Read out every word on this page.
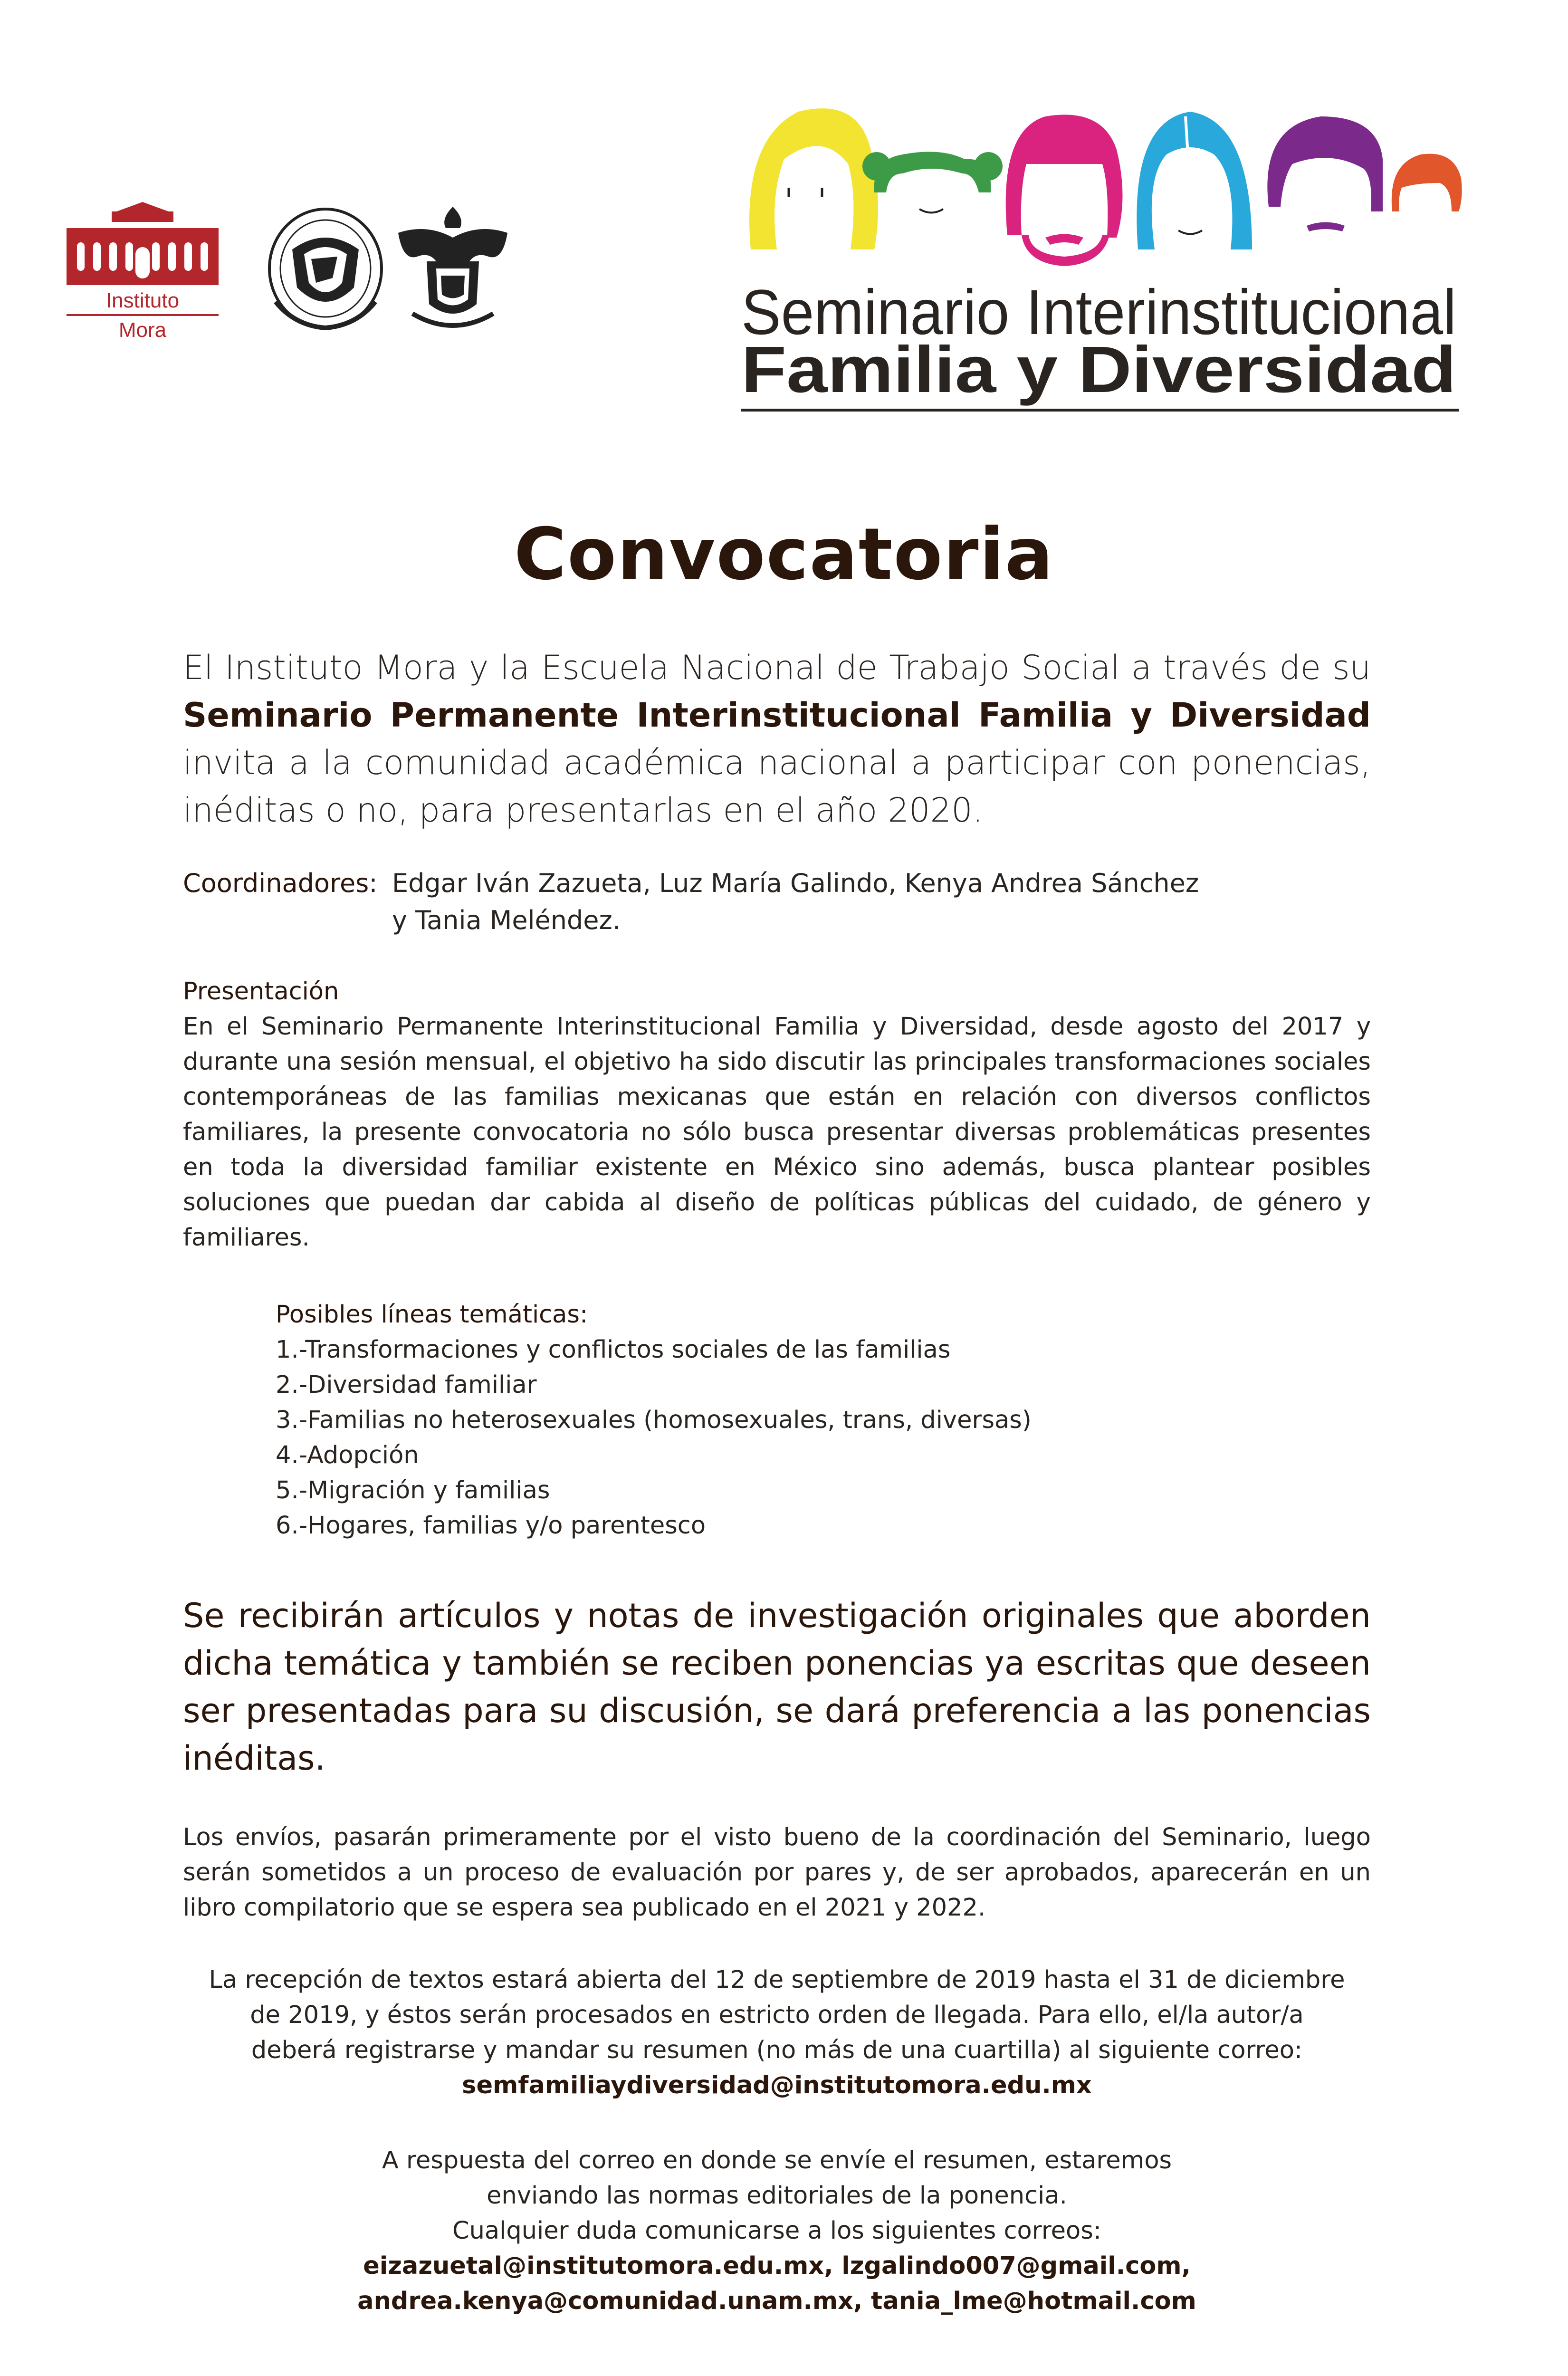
Instituto
Mora	Seminario Interinstitucional
Familia y Diversidad
Convocatoria
El Instituto Mora y la Escuela Nacional de Trabajo Social a través de su Seminario Permanente Interinstitucional Familia y Diversidad invita a la comunidad académica nacional a participar con ponencias, inéditas o no, para presentarlas en el año 2020.
Coordinadores: Edgar Iván Zazueta, Luz María Galindo, Kenya Andrea Sánchez
y Tania Meléndez.
Presentación
En el Seminario Permanente Interinstitucional Familia y Diversidad, desde agosto del 2017 y durante una sesión mensual, el objetivo ha sido discutir las principales transformaciones sociales contemporáneas de las familias mexicanas que están en relación con diversos conflictos familiares, la presente convocatoria no sólo busca presentar diversas problemáticas presentes en toda la diversidad familiar existente en México sino además, busca plantear posibles soluciones que puedan dar cabida al diseño de políticas públicas del cuidado, de género y familiares.
Posibles líneas temáticas:
1.-Transformaciones y conflictos sociales de las familias
2.-Diversidad familiar
3.-Familias no heterosexuales (homosexuales, trans, diversas)
4.-Adopción
5.-Migración y familias
6.-Hogares, familias y/o parentesco
Se recibirán artículos y notas de investigación originales que aborden dicha temática y también se reciben ponencias ya escritas que deseen ser presentadas para su discusión, se dará preferencia a las ponencias inéditas.
Los envíos, pasarán primeramente por el visto bueno de la coordinación del Seminario, luego serán sometidos a un proceso de evaluación por pares y, de ser aprobados, aparecerán en un libro compilatorio que se espera sea publicado en el 2021 y 2022.
La recepción de textos estará abierta del 12 de septiembre de 2019 hasta el 31 de diciembre
de 2019, y éstos serán procesados en estricto orden de llegada. Para ello, el/la autor/a
deberá registrarse y mandar su resumen (no más de una cuartilla) al siguiente correo:
semfamiliaydiversidad@institutomora.edu.mx
A respuesta del correo en donde se envíe el resumen, estaremos
enviando las normas editoriales de la ponencia.
Cualquier duda comunicarse a los siguientes correos:
eizazuetal@institutomora.edu.mx, lzgalindo007@gmail.com,
andrea.kenya@comunidad.unam.mx, tania_lme@hotmail.com
